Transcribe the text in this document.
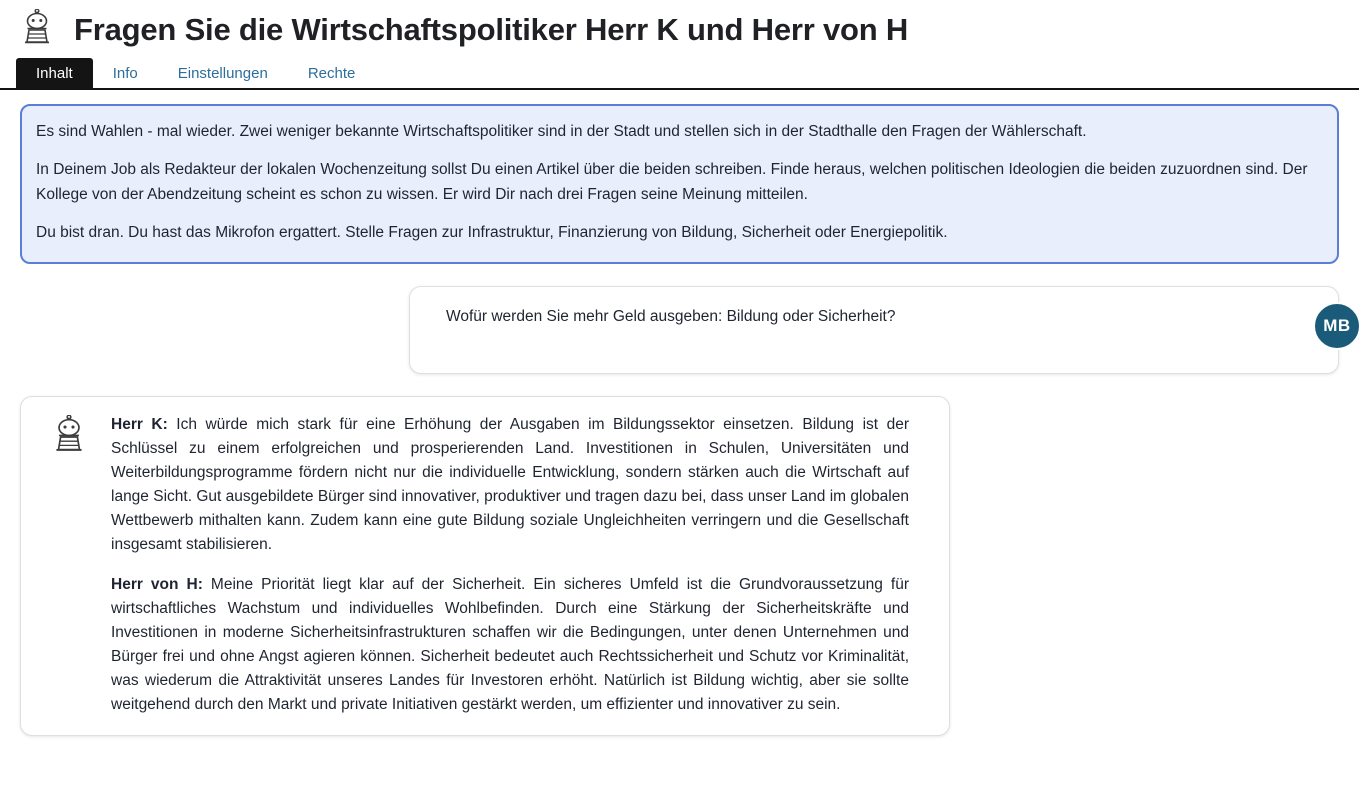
Fragen Sie die Wirtschaftspolitiker Herr K und Herr von H
Inhalt	Info	Einstellungen	Rechte

Es sind Wahlen - mal wieder. Zwei weniger bekannte Wirtschaftspolitiker sind in der Stadt und stellen sich in der Stadthalle den Fragen der Wählerschaft.

In Deinem Job als Redakteur der lokalen Wochenzeitung sollst Du einen Artikel über die beiden schreiben. Finde heraus, welchen politischen Ideologien die beiden zuzuordnen sind. Der Kollege von der Abendzeitung scheint es schon zu wissen. Er wird Dir nach drei Fragen seine Meinung mitteilen.

Du bist dran. Du hast das Mikrofon ergattert. Stelle Fragen zur Infrastruktur, Finanzierung von Bildung, Sicherheit oder Energiepolitik.

Wofür werden Sie mehr Geld ausgeben: Bildung oder Sicherheit?	MB

Herr K: Ich würde mich stark für eine Erhöhung der Ausgaben im Bildungssektor einsetzen. Bildung ist der Schlüssel zu einem erfolgreichen und prosperierenden Land. Investitionen in Schulen, Universitäten und Weiterbildungsprogramme fördern nicht nur die individuelle Entwicklung, sondern stärken auch die Wirtschaft auf lange Sicht. Gut ausgebildete Bürger sind innovativer, produktiver und tragen dazu bei, dass unser Land im globalen Wettbewerb mithalten kann. Zudem kann eine gute Bildung soziale Ungleichheiten verringern und die Gesellschaft insgesamt stabilisieren.

Herr von H: Meine Priorität liegt klar auf der Sicherheit. Ein sicheres Umfeld ist die Grundvoraussetzung für wirtschaftliches Wachstum und individuelles Wohlbefinden. Durch eine Stärkung der Sicherheitskräfte und Investitionen in moderne Sicherheitsinfrastrukturen schaffen wir die Bedingungen, unter denen Unternehmen und Bürger frei und ohne Angst agieren können. Sicherheit bedeutet auch Rechtssicherheit und Schutz vor Kriminalität, was wiederum die Attraktivität unseres Landes für Investoren erhöht. Natürlich ist Bildung wichtig, aber sie sollte weitgehend durch den Markt und private Initiativen gestärkt werden, um effizienter und innovativer zu sein.
